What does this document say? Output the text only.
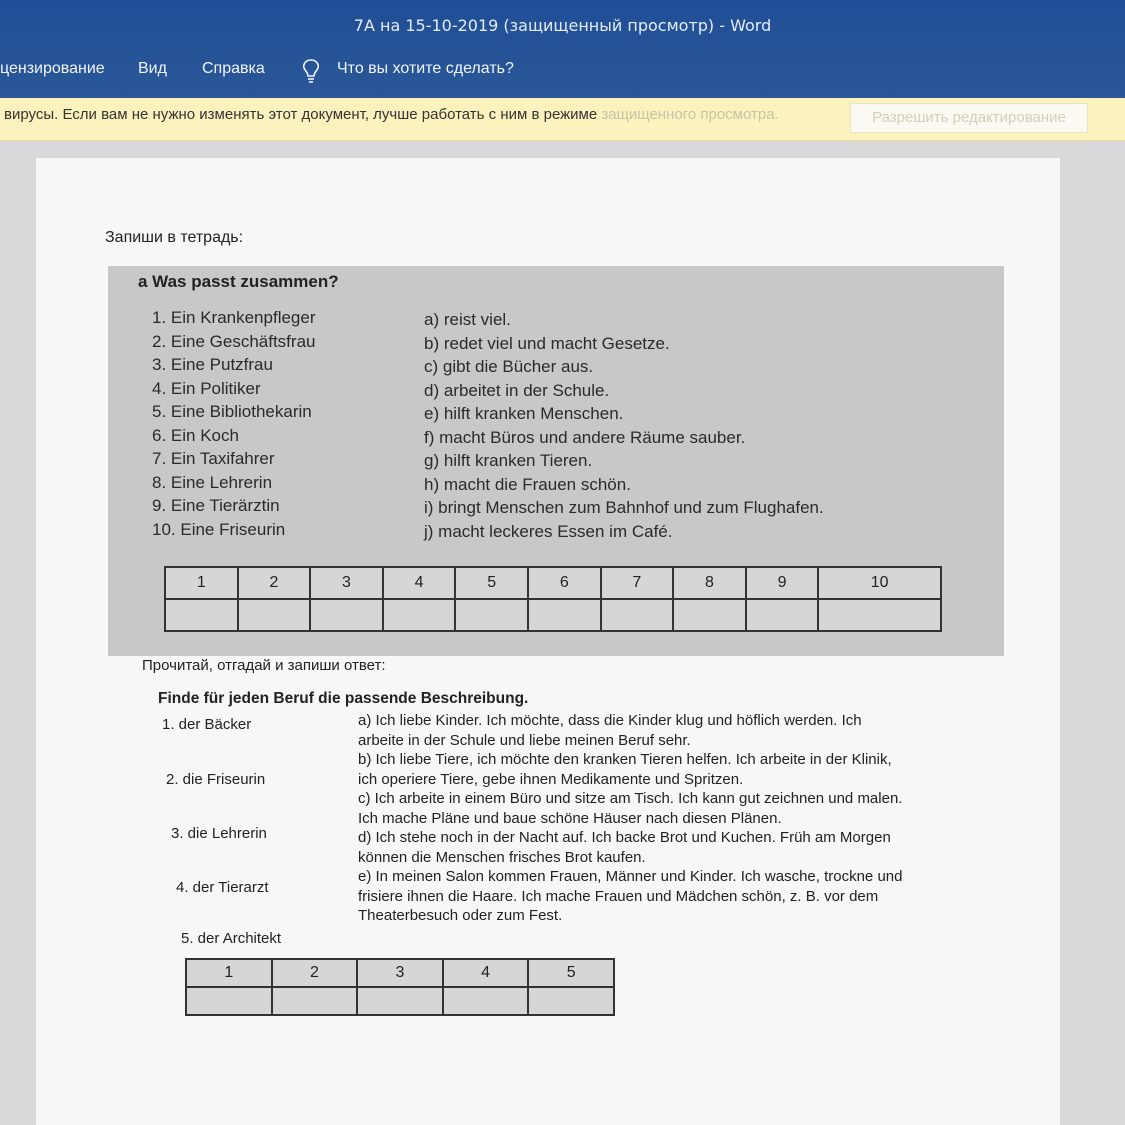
7А на 15-10-2019 (защищенный просмотр) - Word
цензирование Вид Справка	Что вы хотите сделать?
вирусы. Если вам не нужно изменять этот документ, лучше работать с ним в режиме защищенного просмотра.	Разрешить редактирование
Запиши в тетрадь:
a Was passt zusammen?
1. Ein Krankenpfleger
2. Eine Geschäftsfrau
3. Eine Putzfrau
4. Ein Politiker
5. Eine Bibliothekarin
6. Ein Koch
7. Ein Taxifahrer
8. Eine Lehrerin
9. Eine Tierärztin
10. Eine Friseurin
a) reist viel.
b) redet viel und macht Gesetze.
c) gibt die Bücher aus.
d) arbeitet in der Schule.
e) hilft kranken Menschen.
f) macht Büros und andere Räume sauber.
g) hilft kranken Tieren.
h) macht die Frauen schön.
i) bringt Menschen zum Bahnhof und zum Flughafen.
j) macht leckeres Essen im Café.
1	2	3	4	5	6	7	8	9	10

Прочитай, отгадай и запиши ответ:
Finde für jeden Beruf die passende Beschreibung.
1. der Bäcker
2. die Friseurin
3. die Lehrerin
4. der Tierarzt
5. der Architekt

a) Ich liebe Kinder. Ich möchte, dass die Kinder klug und höflich werden. Ich arbeite in der Schule und liebe meinen Beruf sehr.

b) Ich liebe Tiere, ich möchte den kranken Tieren helfen. Ich arbeite in der Klinik, ich operiere Tiere, gebe ihnen Medikamente und Spritzen.

c) Ich arbeite in einem Büro und sitze am Tisch. Ich kann gut zeichnen und malen. Ich mache Pläne und baue schöne Häuser nach diesen Plänen.

d) Ich stehe noch in der Nacht auf. Ich backe Brot und Kuchen. Früh am Morgen können die Menschen frisches Brot kaufen.

e) In meinen Salon kommen Frauen, Männer und Kinder. Ich wasche, trockne und frisiere ihnen die Haare. Ich mache Frauen und Mädchen schön, z. B. vor dem Theaterbesuch oder zum Fest.

1	2	3	4	5
